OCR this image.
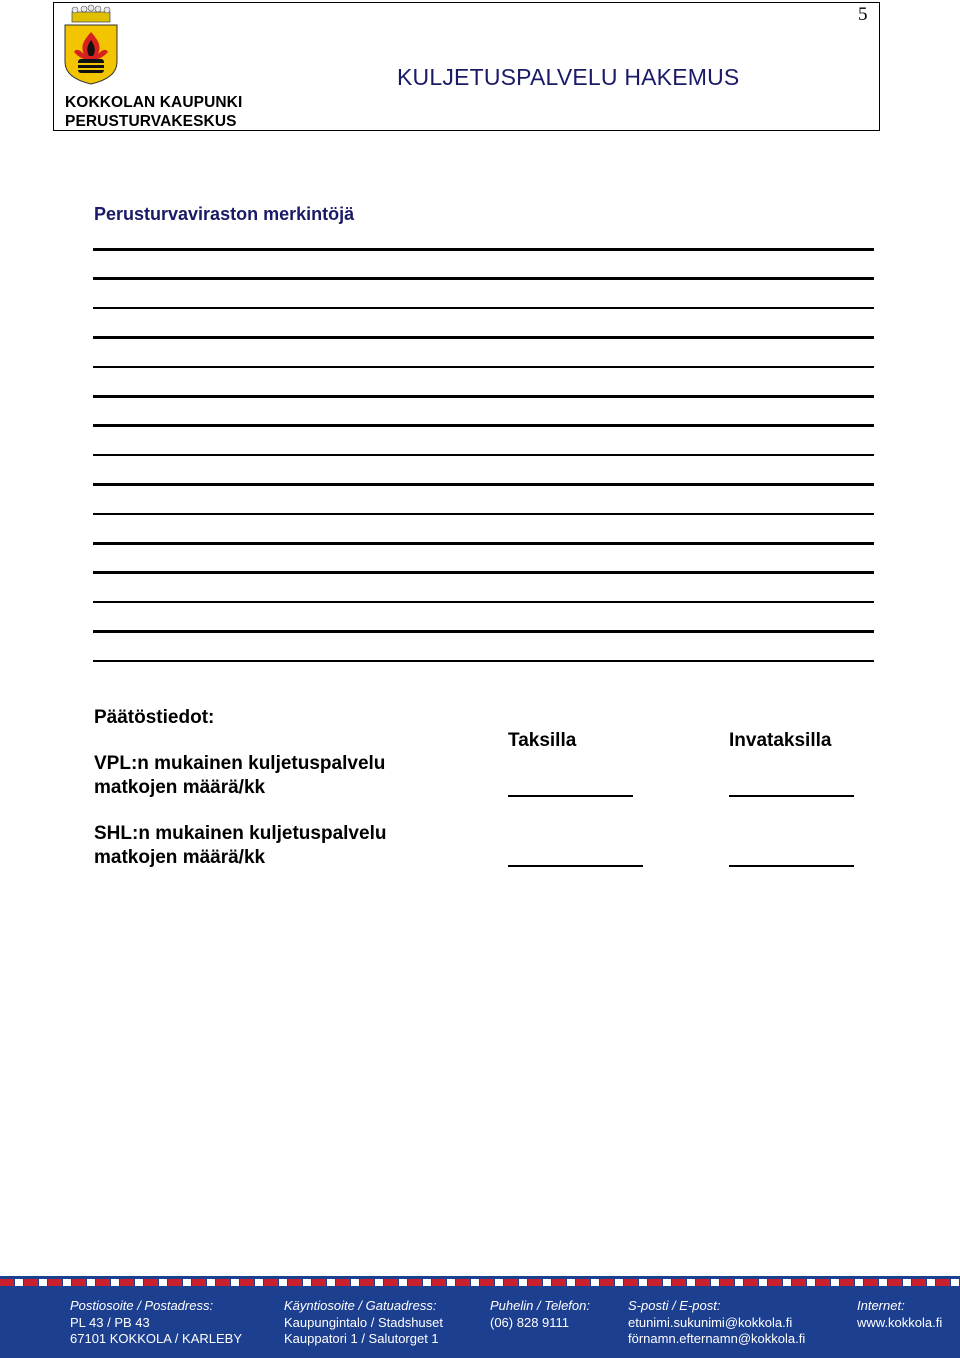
KOKKOLAN KAUPUNKI
PERUSTURVAKESKUS
KULJETUSPALVELU HAKEMUS
5
Perusturvaviraston merkintöjä
Päätöstiedot:
Taksilla	Invataksilla
VPL:n mukainen kuljetuspalvelu
matkojen määrä/kk
SHL:n mukainen kuljetuspalvelu
matkojen määrä/kk
Postiosoite / Postadress:
PL 43 / PB 43
67101 KOKKOLA / KARLEBY
Käyntiosoite / Gatuadress:
Kaupungintalo / Stadshuset
Kauppatori 1 / Salutorget 1
Puhelin / Telefon:
(06) 828 9111
S-posti / E-post:
etunimi.sukunimi@kokkola.fi
förnamn.efternamn@kokkola.fi
Internet:
www.kokkola.fi
